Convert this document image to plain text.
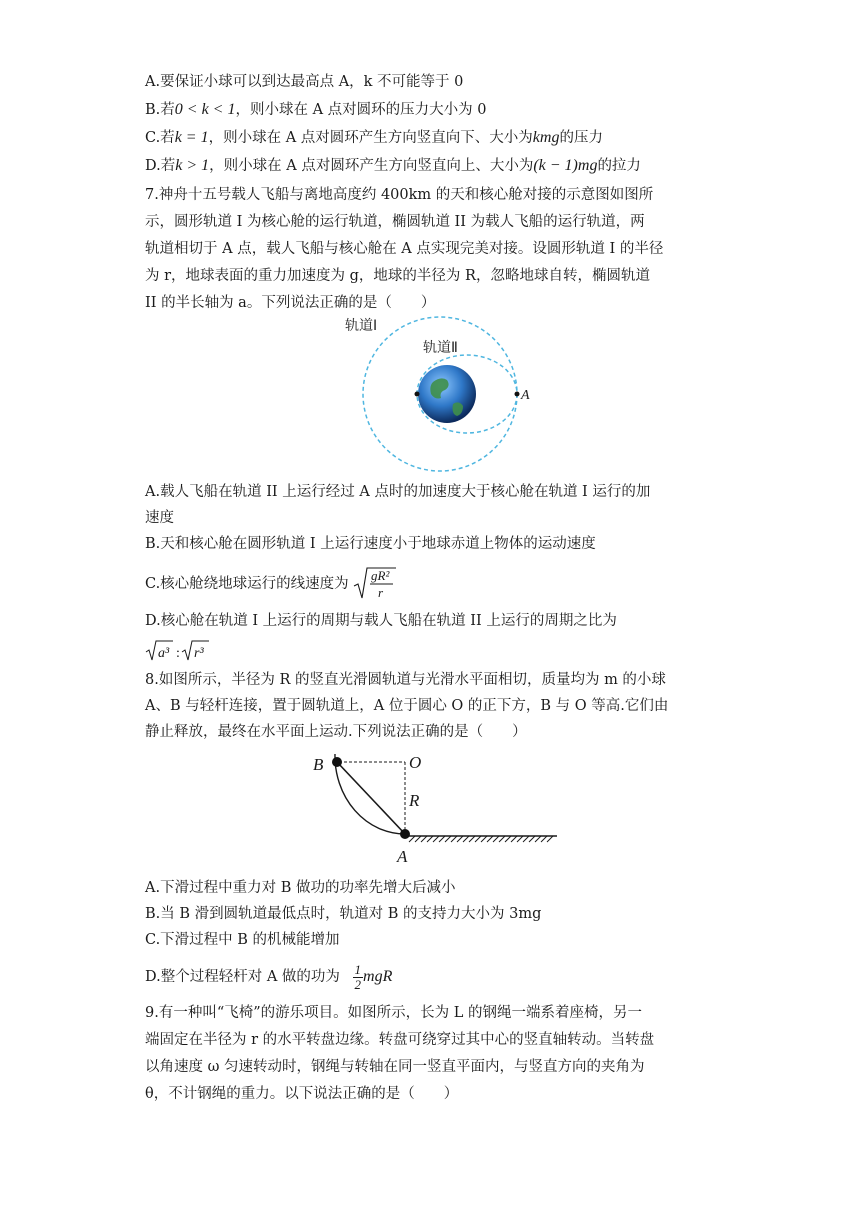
A.要保证小球可以到达最高点 A，k 不可能等于 0
B.若0 < k < 1，则小球在 A 点对圆环的压力大小为 0
C.若k = 1，则小球在 A 点对圆环产生方向竖直向下、大小为kmg的压力
D.若k > 1，则小球在 A 点对圆环产生方向竖直向上、大小为(k − 1)mg的拉力
7.神舟十五号载人飞船与离地高度约 400km 的天和核心舱对接的示意图如图所
示，圆形轨道 I 为核心舱的运行轨道，椭圆轨道 II 为载人飞船的运行轨道，两
轨道相切于 A 点，载人飞船与核心舱在 A 点实现完美对接。设圆形轨道 I 的半径
为 r，地球表面的重力加速度为 g，地球的半径为 R，忽略地球自转，椭圆轨道
II 的半长轴为 a。下列说法正确的是（　　）
轨道Ⅰ
轨道Ⅱ
A
A.载人飞船在轨道 II 上运行经过 A 点时的加速度大于核心舱在轨道 I 运行的加
速度
B.天和核心舱在圆形轨道 I 上运行速度小于地球赤道上物体的运动速度
C.核心舱绕地球运行的线速度为
gR²
r
D.核心舱在轨道 I 上运行的周期与载人飞船在轨道 II 上运行的周期之比为
a³ : r³
8.如图所示，半径为 R 的竖直光滑圆轨道与光滑水平面相切，质量均为 m 的小球
A、B 与轻杆连接，置于圆轨道上，A 位于圆心 O 的正下方，B 与 O 等高.它们由
静止释放，最终在水平面上运动.下列说法正确的是（　　）
B	O
R
A
A.下滑过程中重力对 B 做功的功率先增大后减小
B.当 B 滑到圆轨道最低点时，轨道对 B 的支持力大小为 3mg
C.下滑过程中 B 的机械能增加
D.整个过程轻杆对 A 做的功为 $\frac{1}{2}$ mgR
9.有一种叫“飞椅”的游乐项目。如图所示，长为 L 的钢绳一端系着座椅，另一
端固定在半径为 r 的水平转盘边缘。转盘可绕穿过其中心的竖直轴转动。当转盘
以角速度 ω 匀速转动时，钢绳与转轴在同一竖直平面内，与竖直方向的夹角为
θ，不计钢绳的重力。以下说法正确的是（　　）
